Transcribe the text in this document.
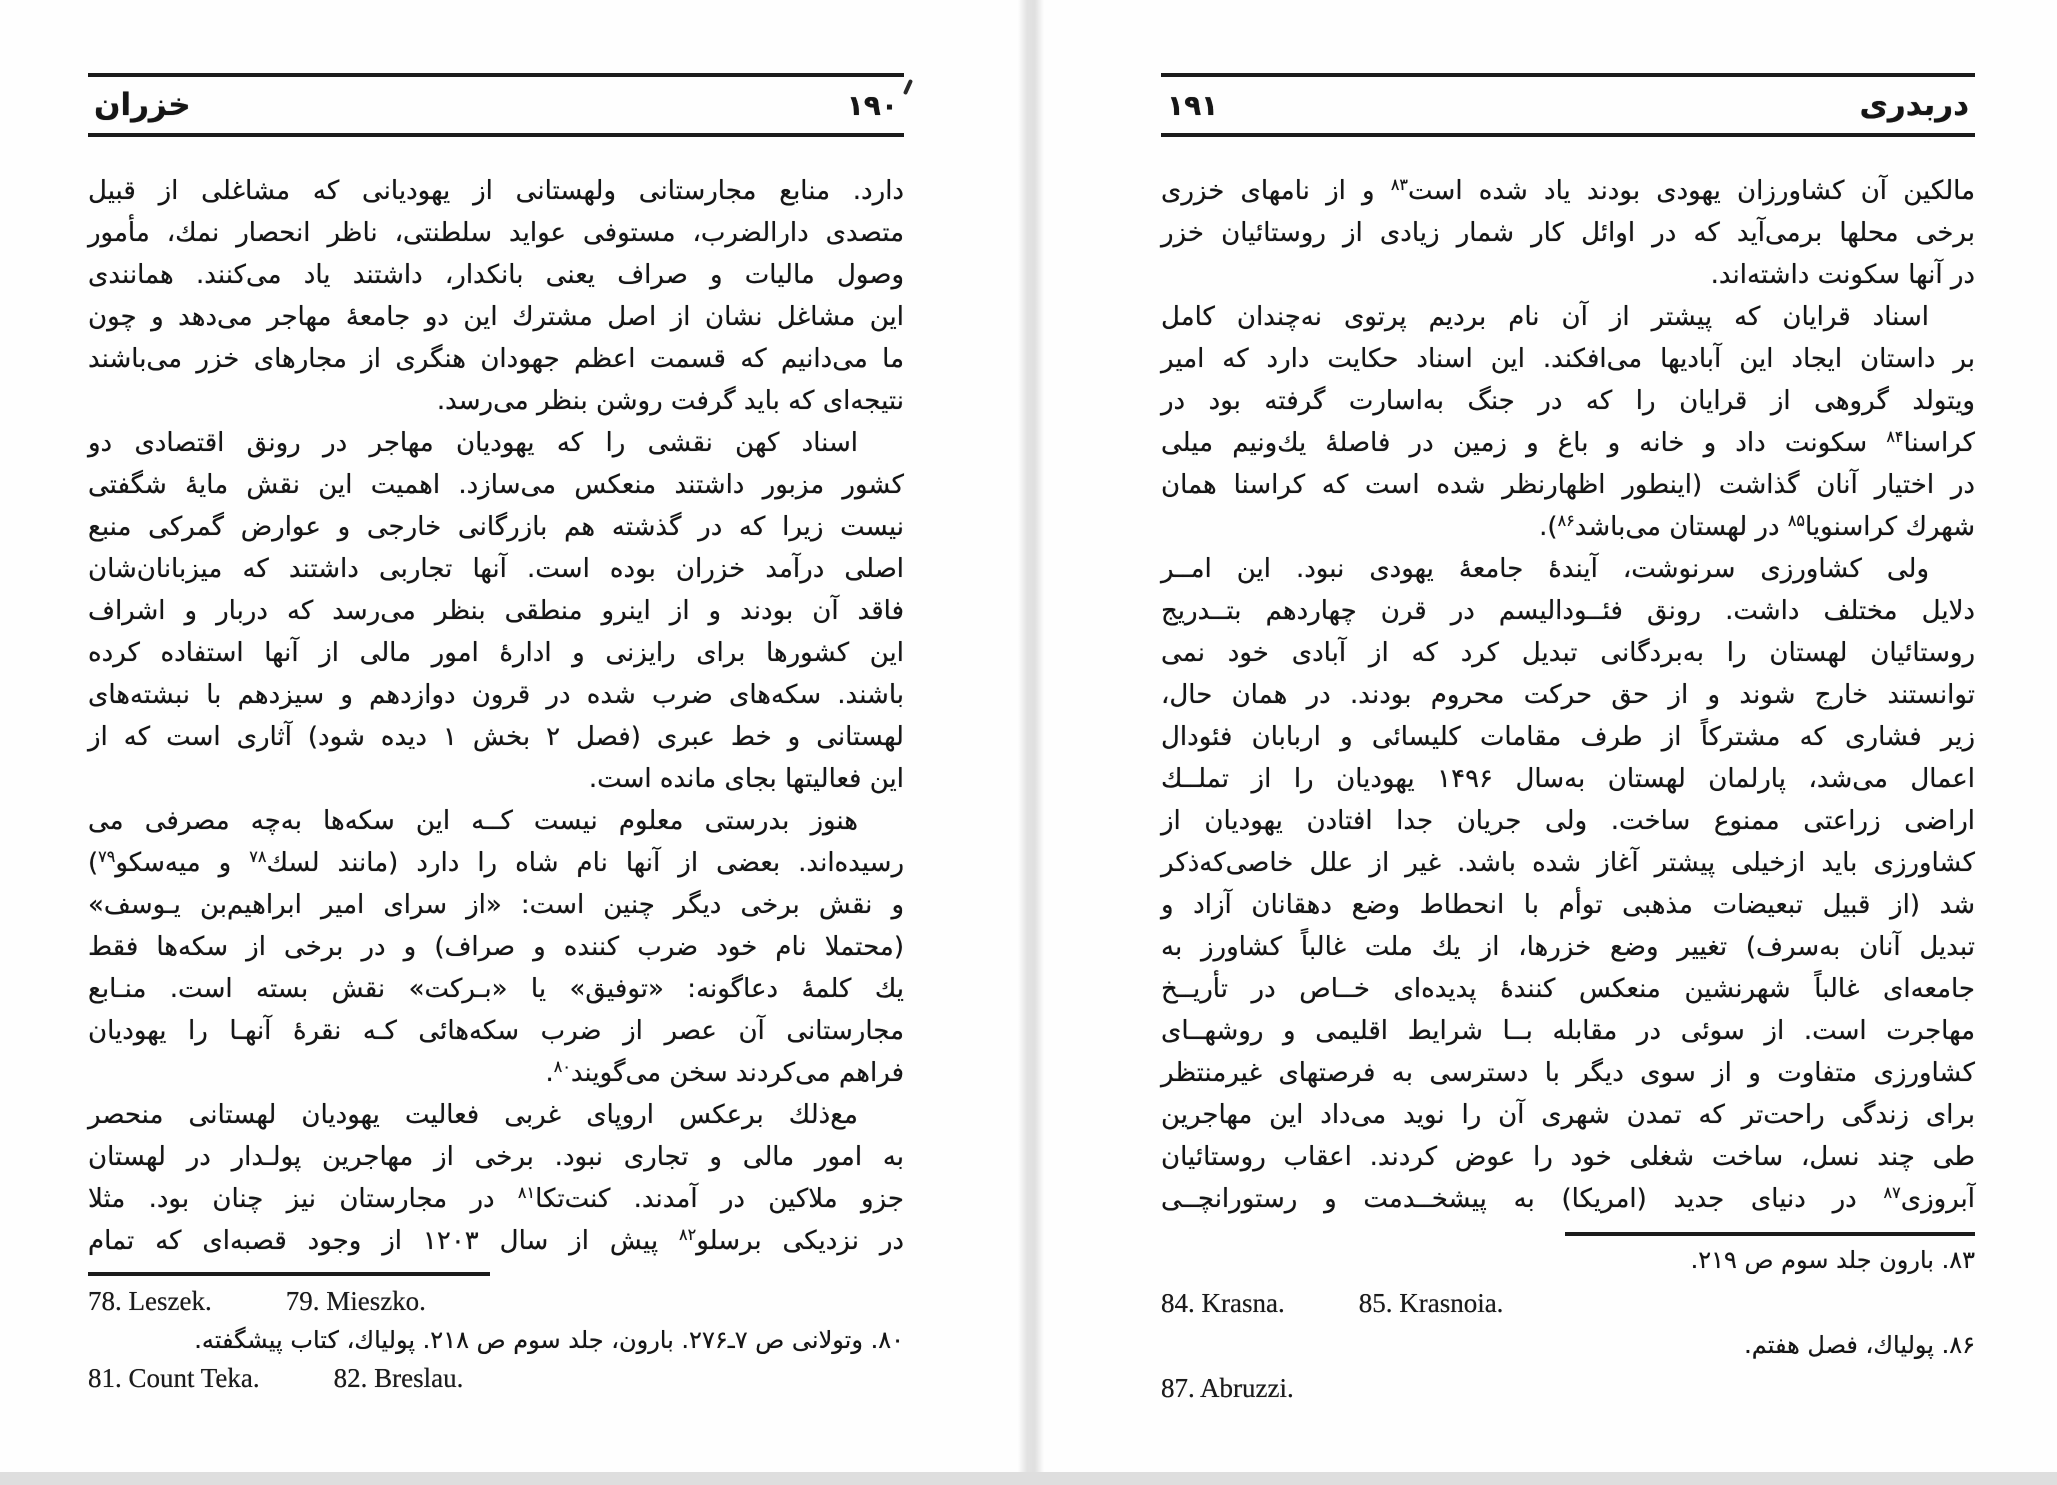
خزران	۱۹۰
دارد. منابع مجارستانی ولهستانی از یهودیانی كه مشاغلی از قبیل
متصدی دارالضرب، مستوفی عواید سلطنتی، ناظر انحصار نمك، مأمور
وصول مالیات و صراف یعنی بانكدار، داشتند یاد می‌كنند. همانندی
این مشاغل نشان از اصل مشترك این دو جامعهٔ مهاجر می‌دهد و چون
ما می‌دانیم كه قسمت اعظم جهودان هنگری از مجارهای خزر می‌باشند
نتیجه‌ای كه باید گرفت روشن بنظر می‌رسد.
اسناد كهن نقشی را كه یهودیان مهاجر در رونق اقتصادی دو
كشور مزبور داشتند منعكس می‌سازد. اهمیت این نقش مایهٔ شگفتی
نیست زیرا كه در گذشته هم بازرگانی خارجی و عوارض گمركی منبع
اصلی درآمد خزران بوده است. آنها تجاربی داشتند كه میزبانان‌شان
فاقد آن بودند و از اینرو منطقی بنظر می‌رسد كه دربار و اشراف
این كشورها برای رایزنی و ادارهٔ امور مالی از آنها استفاده كرده
باشند. سكه‌های ضرب شده در قرون دوازدهم و سیزدهم با نبشته‌های
لهستانی و خط عبری (فصل ۲ بخش ۱ دیده شود) آثاری است كه از
این فعالیتها بجای مانده است.
هنوز بدرستی معلوم نیست كــه این سكه‌ها به‌چه مصرفی می
رسیده‌اند. بعضی از آنها نام شاه را دارد (مانند لسك$^{۷۸}$ و میه‌سكو$^{۷۹}$)
و نقش برخی دیگر چنین است: «از سرای امیر ابراهیم‌بن یـوسف»
(محتملا نام خود ضرب كننده و صراف) و در برخی از سكه‌ها فقط
یك كلمهٔ دعاگونه: «توفیق» یا «بـركت» نقش بسته است. منـابع
مجارستانی آن عصر از ضرب سكه‌هائی كـه نقرهٔ آنهـا را یهودیان
فراهم می‌كردند سخن می‌گویند$^{۸۰}$.
مع‌ذلك برعكس اروپای غربی فعالیت یهودیان لهستانی منحصر
به امور مالی و تجاری نبود. برخی از مهاجرین پولـدار در لهستان
جزو ملاكین در آمدند. كنت‌تكا$^{۸۱}$ در مجارستان نیز چنان بود. مثلا
در نزدیكی برسلو$^{۸۲}$ پیش از سال ۱۲۰۳ از وجود قصبه‌ای كه تمام
78. Leszek.	79. Mieszko.
۸۰. وتولانی ص ۷ـ۲۷۶. بارون، جلد سوم ص ۲۱۸. پولیاك، كتاب پیشگفته.
81. Count Teka.	82. Breslau.
۱۹۱	دربدری
مالكین آن كشاورزان یهودی بودند یاد شده است$^{۸۳}$ و از نامهای خزری
برخی محلها برمی‌آید كه در اوائل كار شمار زیادی از روستائیان خزر
در آنها سكونت داشته‌اند.
اسناد قرایان كه پیشتر از آن نام بردیم پرتوی نه‌چندان كامل
بر داستان ایجاد این آبادیها می‌افكند. این اسناد حكایت دارد كه امیر
ویتولد گروهی از قرایان را كه در جنگ به‌اسارت گرفته بود در
كراسنا$^{۸۴}$ سكونت داد و خانه و باغ و زمین در فاصلهٔ یك‌ونیم میلی
در اختیار آنان گذاشت (اینطور اظهارنظر شده است كه كراسنا همان
شهرك كراسنویا$^{۸۵}$ در لهستان می‌باشد$^{۸۶}$).
ولی كشاورزی سرنوشت، آیندهٔ جامعهٔ یهودی نبود. این امــر
دلایل مختلف داشت. رونق فئــودالیسم در قرن چهاردهم بتــدریج
روستائیان لهستان را به‌بردگانی تبدیل كرد كه از آبادی خود نمی
توانستند خارج شوند و از حق حركت محروم بودند. در همان حال،
زیر فشاری كه مشتركاً از طرف مقامات كلیسائی و اربابان فئودال
اعمال می‌شد، پارلمان لهستان به‌سال ۱۴۹۶ یهودیان را از تملــك
اراضی زراعتی ممنوع ساخت. ولی جریان جدا افتادن یهودیان از
كشاورزی باید ازخیلی پیشتر آغاز شده باشد. غیر از علل خاصی‌كه‌ذكر
شد (از قبیل تبعیضات مذهبی توأم با انحطاط وضع دهقانان آزاد و
تبدیل آنان به‌سرف) تغییر وضع خزرها، از یك ملت غالباً كشاورز به
جامعه‌ای غالباً شهرنشین منعكس كنندهٔ پدیده‌ای خــاص در تأریــخ
مهاجرت است. از سوئی در مقابله بــا شرایط اقلیمی و روشهــای
كشاورزی متفاوت و از سوی دیگر با دسترسی به فرصتهای غیرمنتظر
برای زندگی راحت‌تر كه تمدن شهری آن را نوید می‌داد این مهاجرین
طی چند نسل، ساخت شغلی خود را عوض كردند. اعقاب روستائیان
آبروزی$^{۸۷}$ در دنیای جدید (امریكا) به پیشخــدمت و رستورانچــی
۸۳. بارون جلد سوم ص ۲۱۹.
84. Krasna.	85. Krasnoia.
۸۶. پولیاك، فصل هفتم.
87. Abruzzi.
